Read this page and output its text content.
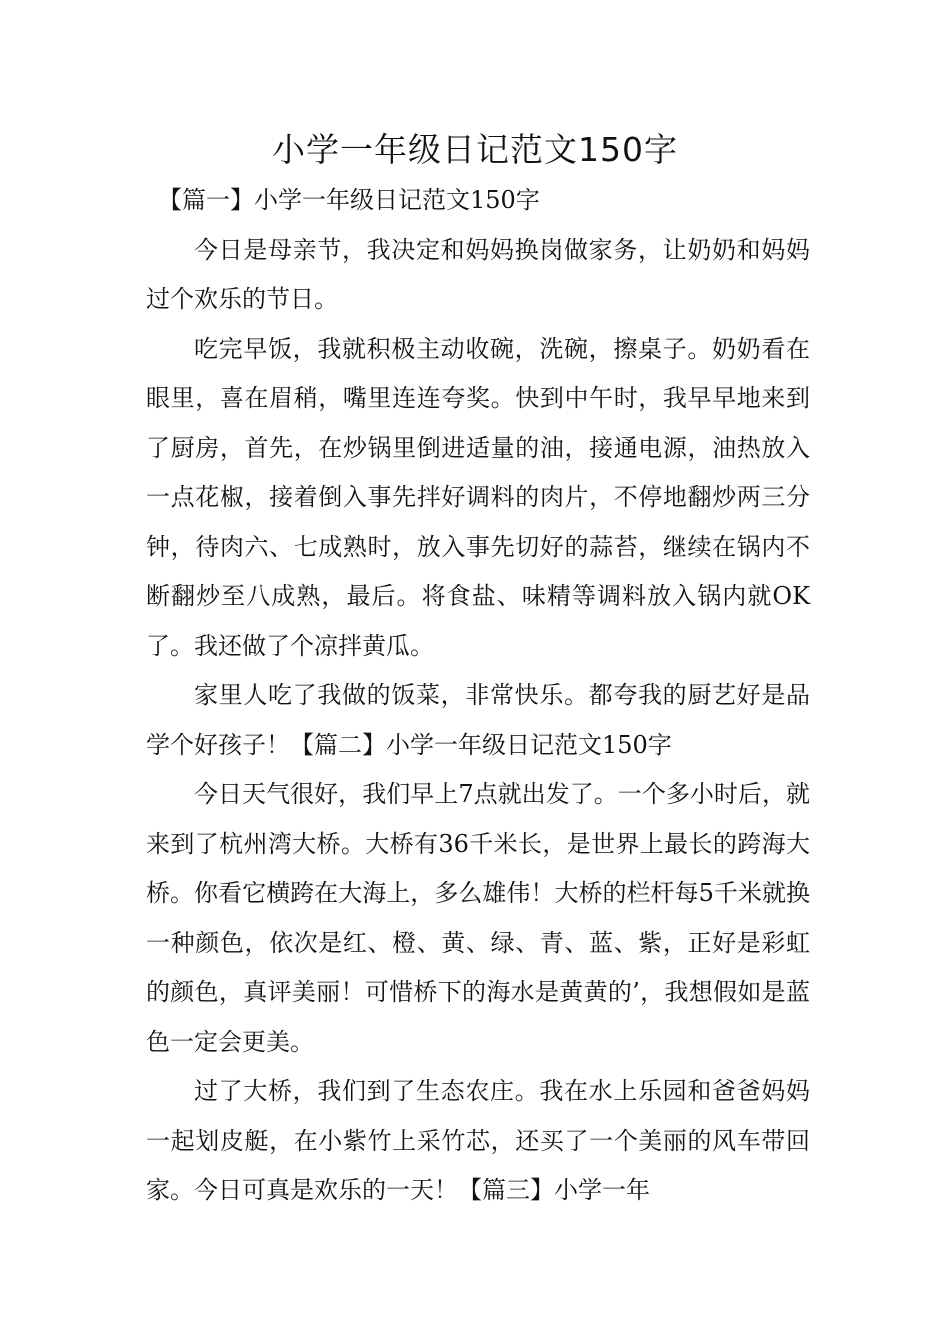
小学一年级日记范文150字

【篇一】小学一年级日记范文150字

今日是母亲节，我决定和妈妈换岗做家务，让奶奶和妈妈过个欢乐的节日。

吃完早饭，我就积极主动收碗，洗碗，擦桌子。奶奶看在眼里，喜在眉稍，嘴里连连夸奖。快到中午时，我早早地来到了厨房，首先，在炒锅里倒进适量的油，接通电源，油热放入一点花椒，接着倒入事先拌好调料的肉片，不停地翻炒两三分钟，待肉六、七成熟时，放入事先切好的蒜苔，继续在锅内不断翻炒至八成熟，最后。将食盐、味精等调料放入锅内就OK了。我还做了个凉拌黄瓜。

家里人吃了我做的饭菜，非常快乐。都夸我的厨艺好是品学个好孩子！【篇二】小学一年级日记范文150字

今日天气很好，我们早上7点就出发了。一个多小时后，就来到了杭州湾大桥。大桥有36千米长，是世界上最长的跨海大桥。你看它横跨在大海上，多么雄伟！大桥的栏杆每5千米就换一种颜色，依次是红、橙、黄、绿、青、蓝、紫，正好是彩虹的颜色，真评美丽！可惜桥下的海水是黄黄的’，我想假如是蓝色一定会更美。

过了大桥，我们到了生态农庄。我在水上乐园和爸爸妈妈一起划皮艇，在小紫竹上采竹芯，还买了一个美丽的风车带回家。今日可真是欢乐的一天！【篇三】小学一年
